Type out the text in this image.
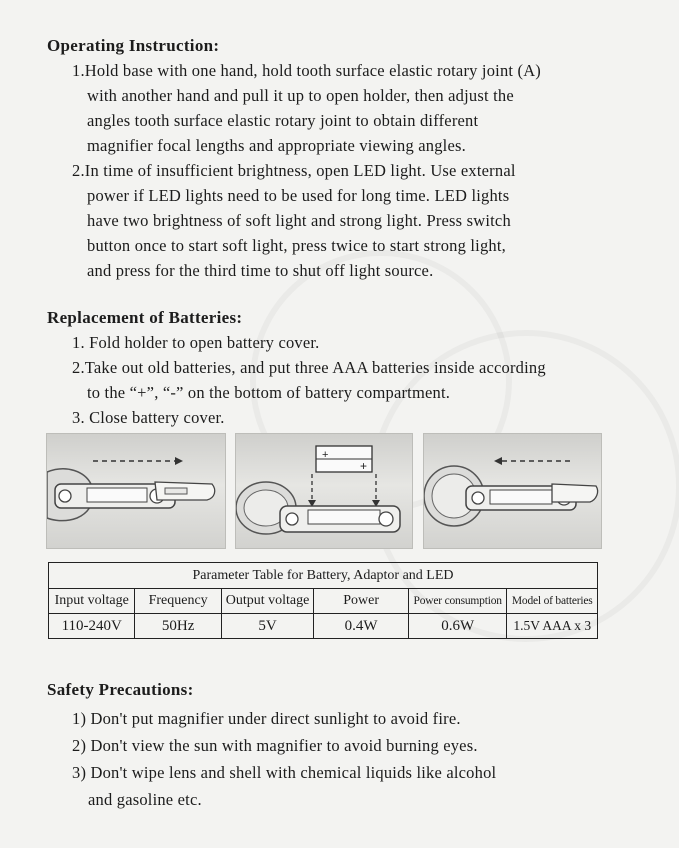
Operating Instruction:
1.Hold base with one hand, hold tooth surface elastic rotary joint (A)
with another hand and pull it up to open holder, then adjust the
angles tooth surface elastic rotary joint to obtain different
magnifier focal lengths and appropriate viewing angles.
2.In time of insufficient brightness, open LED light. Use external
power if LED lights need to be used for long time. LED lights
have two brightness of soft light and strong light. Press switch
button once to start soft light, press twice to start strong light,
and press for the third time to shut off light source.
Replacement of Batteries:
1. Fold holder to open battery cover.
2.Take out old batteries, and put three AAA batteries inside according
to the “+”, “-” on the bottom of battery compartment.
3. Close battery cover.
+
+
Parameter Table for Battery, Adaptor and LED					
Input voltage	Frequency	Output voltage	Power	Power consumption	Model of batteries
110-240V	50Hz	5V	0.4W	0.6W	1.5V AAA x 3
Safety Precautions:
1) Don't put magnifier under direct sunlight to avoid fire.
2) Don't view the sun with magnifier to avoid burning eyes.
3) Don't wipe lens and shell with chemical liquids like alcohol
and gasoline etc.
